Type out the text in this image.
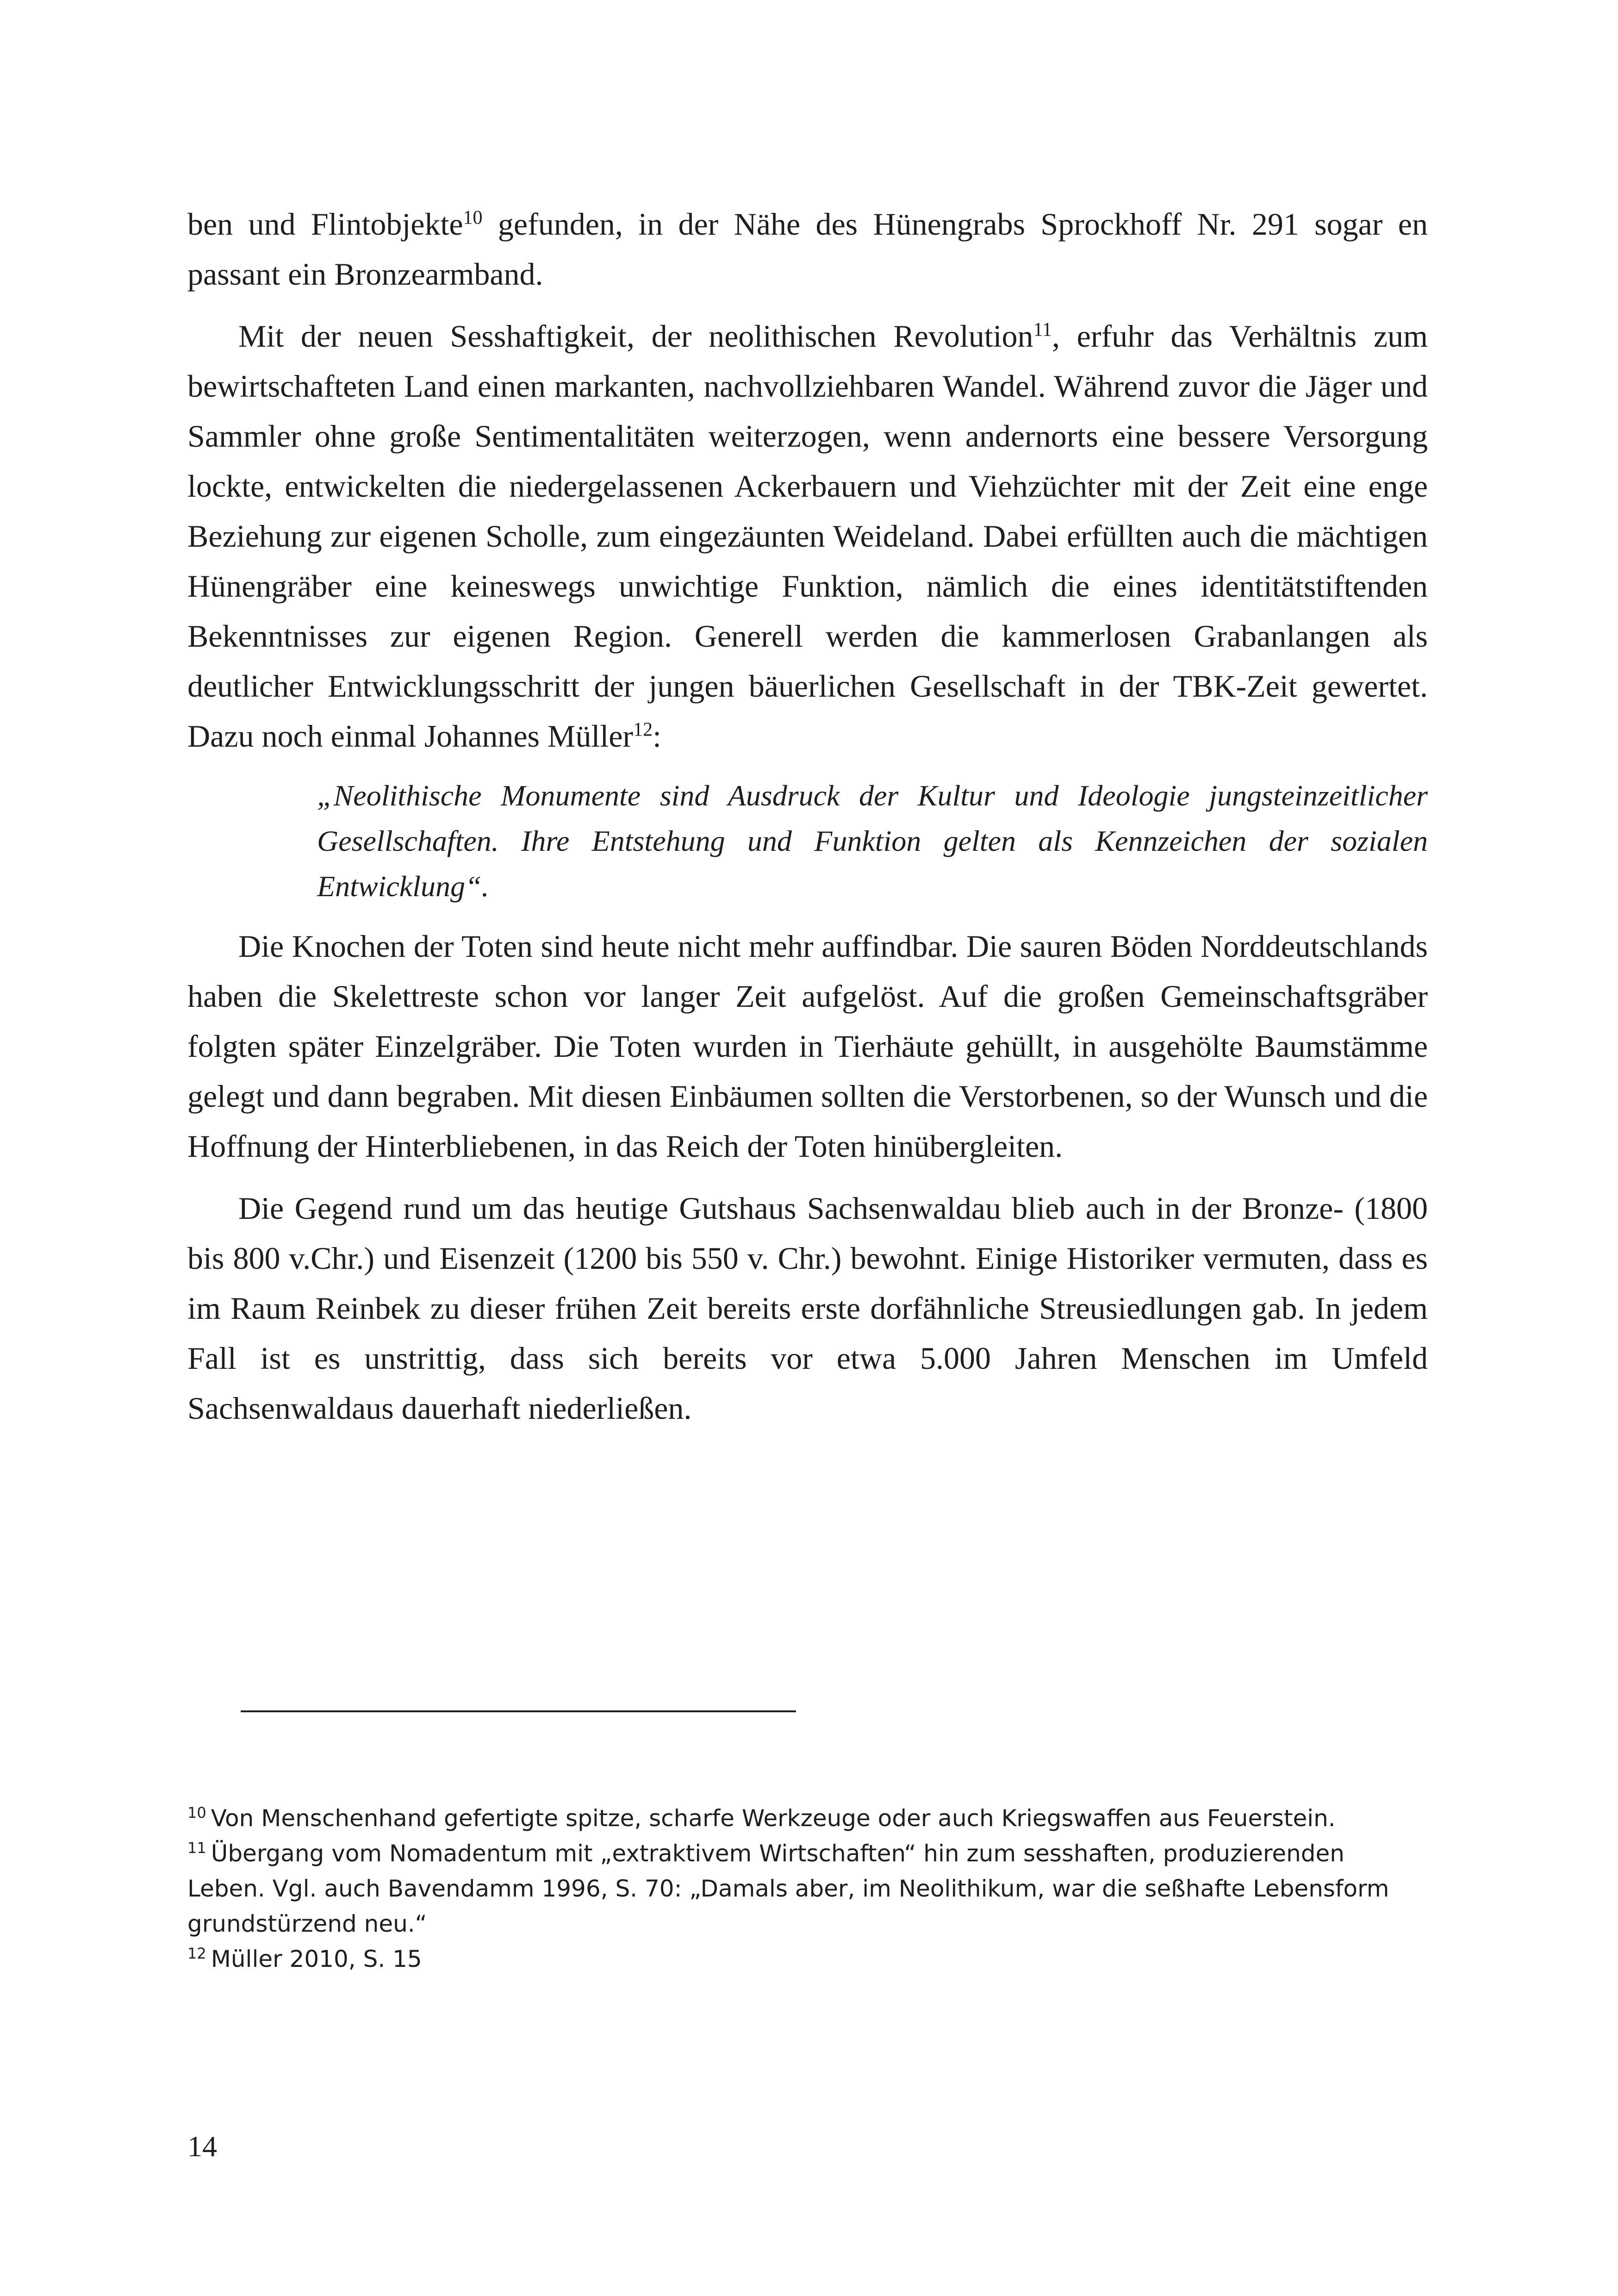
ben und Flintobjekte$^{10}$ gefunden, in der Nähe des Hünengrabs Sprockhoff Nr. 291 sogar en passant ein Bronzearmband.

Mit der neuen Sesshaftigkeit, der neolithischen Revolution$^{11}$, erfuhr das Verhältnis zum bewirtschafteten Land einen markanten, nachvollziehbaren Wandel. Während zuvor die Jäger und Sammler ohne große Sentimentalitäten weiterzogen, wenn andernorts eine bessere Versorgung lockte, entwickelten die niedergelassenen Ackerbauern und Viehzüchter mit der Zeit eine enge Beziehung zur eigenen Scholle, zum eingezäunten Weideland. Dabei erfüllten auch die mächtigen Hünengräber eine keineswegs unwichtige Funktion, nämlich die eines identitätstiftenden Bekenntnisses zur eigenen Region. Generell werden die kammerlosen Grabanlangen als deutlicher Entwicklungsschritt der jungen bäuerlichen Gesellschaft in der TBK-Zeit gewertet. Dazu noch einmal Johannes Müller$^{12}$:

„Neolithische Monumente sind Ausdruck der Kultur und Ideologie jungsteinzeitlicher Gesellschaften. Ihre Entstehung und Funktion gelten als Kennzeichen der sozialen Entwicklung“.

Die Knochen der Toten sind heute nicht mehr auffindbar. Die sauren Böden Norddeutschlands haben die Skelettreste schon vor langer Zeit aufgelöst. Auf die großen Gemeinschaftsgräber folgten später Einzelgräber. Die Toten wurden in Tierhäute gehüllt, in ausgehölte Baumstämme gelegt und dann begraben. Mit diesen Einbäumen sollten die Verstorbenen, so der Wunsch und die Hoffnung der Hinterbliebenen, in das Reich der Toten hinübergleiten.

Die Gegend rund um das heutige Gutshaus Sachsenwaldau blieb auch in der Bronze- (1800 bis 800 v.Chr.) und Eisenzeit (1200 bis 550 v. Chr.) bewohnt. Einige Historiker vermuten, dass es im Raum Reinbek zu dieser frühen Zeit bereits erste dorfähnliche Streusiedlungen gab. In jedem Fall ist es unstrittig, dass sich bereits vor etwa 5.000 Jahren Menschen im Umfeld Sachsenwaldaus dauerhaft niederließen.

$^{10}$ Von Menschenhand gefertigte spitze, scharfe Werkzeuge oder auch Kriegswaffen aus Feuerstein.

$^{11}$ Übergang vom Nomadentum mit „extraktivem Wirtschaften“ hin zum sesshaften, produzierenden Leben. Vgl. auch Bavendamm 1996, S. 70: „Damals aber, im Neolithikum, war die seßhafte Lebensform grundstürzend neu.“

$^{12}$ Müller 2010, S. 15

14
